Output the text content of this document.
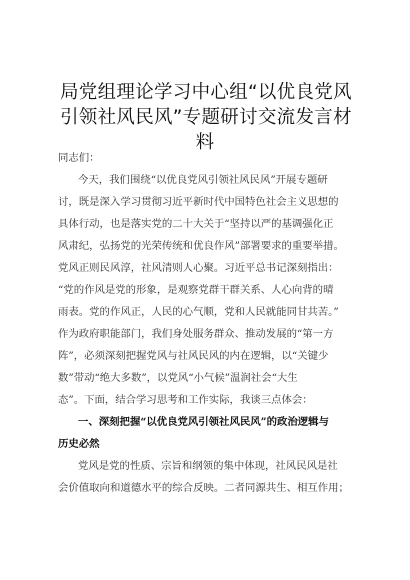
局党组理论学习中心组“以优良党风
引领社风民风”专题研讨交流发言材
料
同志们：
今天，我们围绕“以优良党风引领社风民风”开展专题研
讨，既是深入学习贯彻习近平新时代中国特色社会主义思想的
具体行动，也是落实党的二十大关于“坚持以严的基调强化正
风肃纪，弘扬党的光荣传统和优良作风”部署要求的重要举措。
党风正则民风淳，社风清则人心聚。习近平总书记深刻指出：
“党的作风是党的形象，是观察党群干群关系、人心向背的晴
雨表。党的作风正，人民的心气顺，党和人民就能同甘共苦。”
作为政府职能部门，我们身处服务群众、推动发展的“第一方
阵”，必须深刻把握党风与社风民风的内在逻辑，以“关键少
数”带动“绝大多数”，以党风“小气候”温润社会“大生
态”。下面，结合学习思考和工作实际，我谈三点体会：
一、深刻把握“以优良党风引领社风民风”的政治逻辑与
历史必然
党风是党的性质、宗旨和纲领的集中体现，社风民风是社
会价值取向和道德水平的综合反映。二者同源共生、相互作用；
